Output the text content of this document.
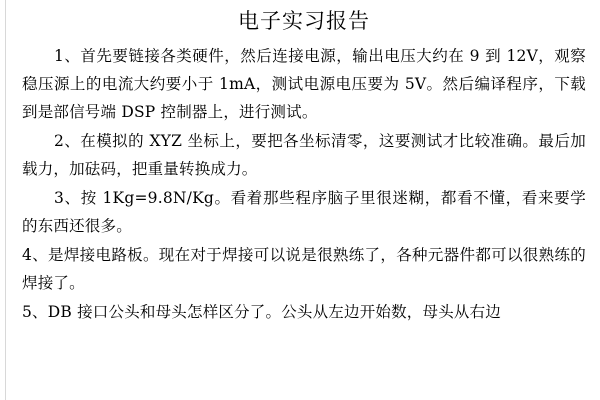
电子实习报告

1、首先要链接各类硬件，然后连接电源，输出电压大约在 9 到 12V，观察稳压源上的电流大约要小于 1mA，测试电源电压要为 5V。然后编译程序，下载到是部信号端 DSP 控制器上，进行测试。

2、在模拟的 XYZ 坐标上，要把各坐标清零，这要测试才比较准确。最后加载力，加砝码，把重量转换成力。

3、按 1Kg=9.8N/Kg。看着那些程序脑子里很迷糊，都看不懂，看来要学的东西还很多。

4、是焊接电路板。现在对于焊接可以说是很熟练了，各种元器件都可以很熟练的焊接了。

5、DB 接口公头和母头怎样区分了。公头从左边开始数，母头从右边
